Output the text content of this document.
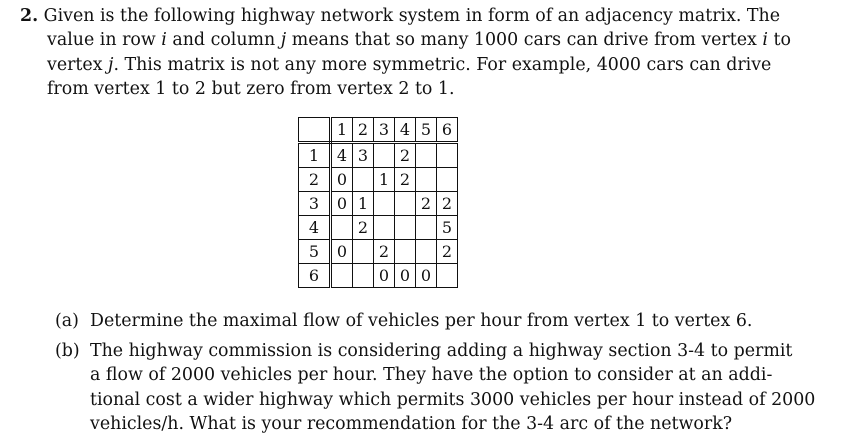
2. Given is the following highway network system in form of an adjacency matrix. The
value in row i and column j means that so many 1000 cars can drive from vertex i to
vertex j. This matrix is not any more symmetric. For example, 4000 cars can drive
from vertex 1 to 2 but zero from vertex 2 to 1.
	1	2	3	4	5	6
1	4	3		2		
2	0		1	2		
3	0	1			2	2
4		2				5
5	0		2			2
6			0	0	0	
(a) Determine the maximal flow of vehicles per hour from vertex 1 to vertex 6.
(b) The highway commission is considering adding a highway section 3-4 to permit
a flow of 2000 vehicles per hour. They have the option to consider at an addi-
tional cost a wider highway which permits 3000 vehicles per hour instead of 2000
vehicles/h. What is your recommendation for the 3-4 arc of the network?
